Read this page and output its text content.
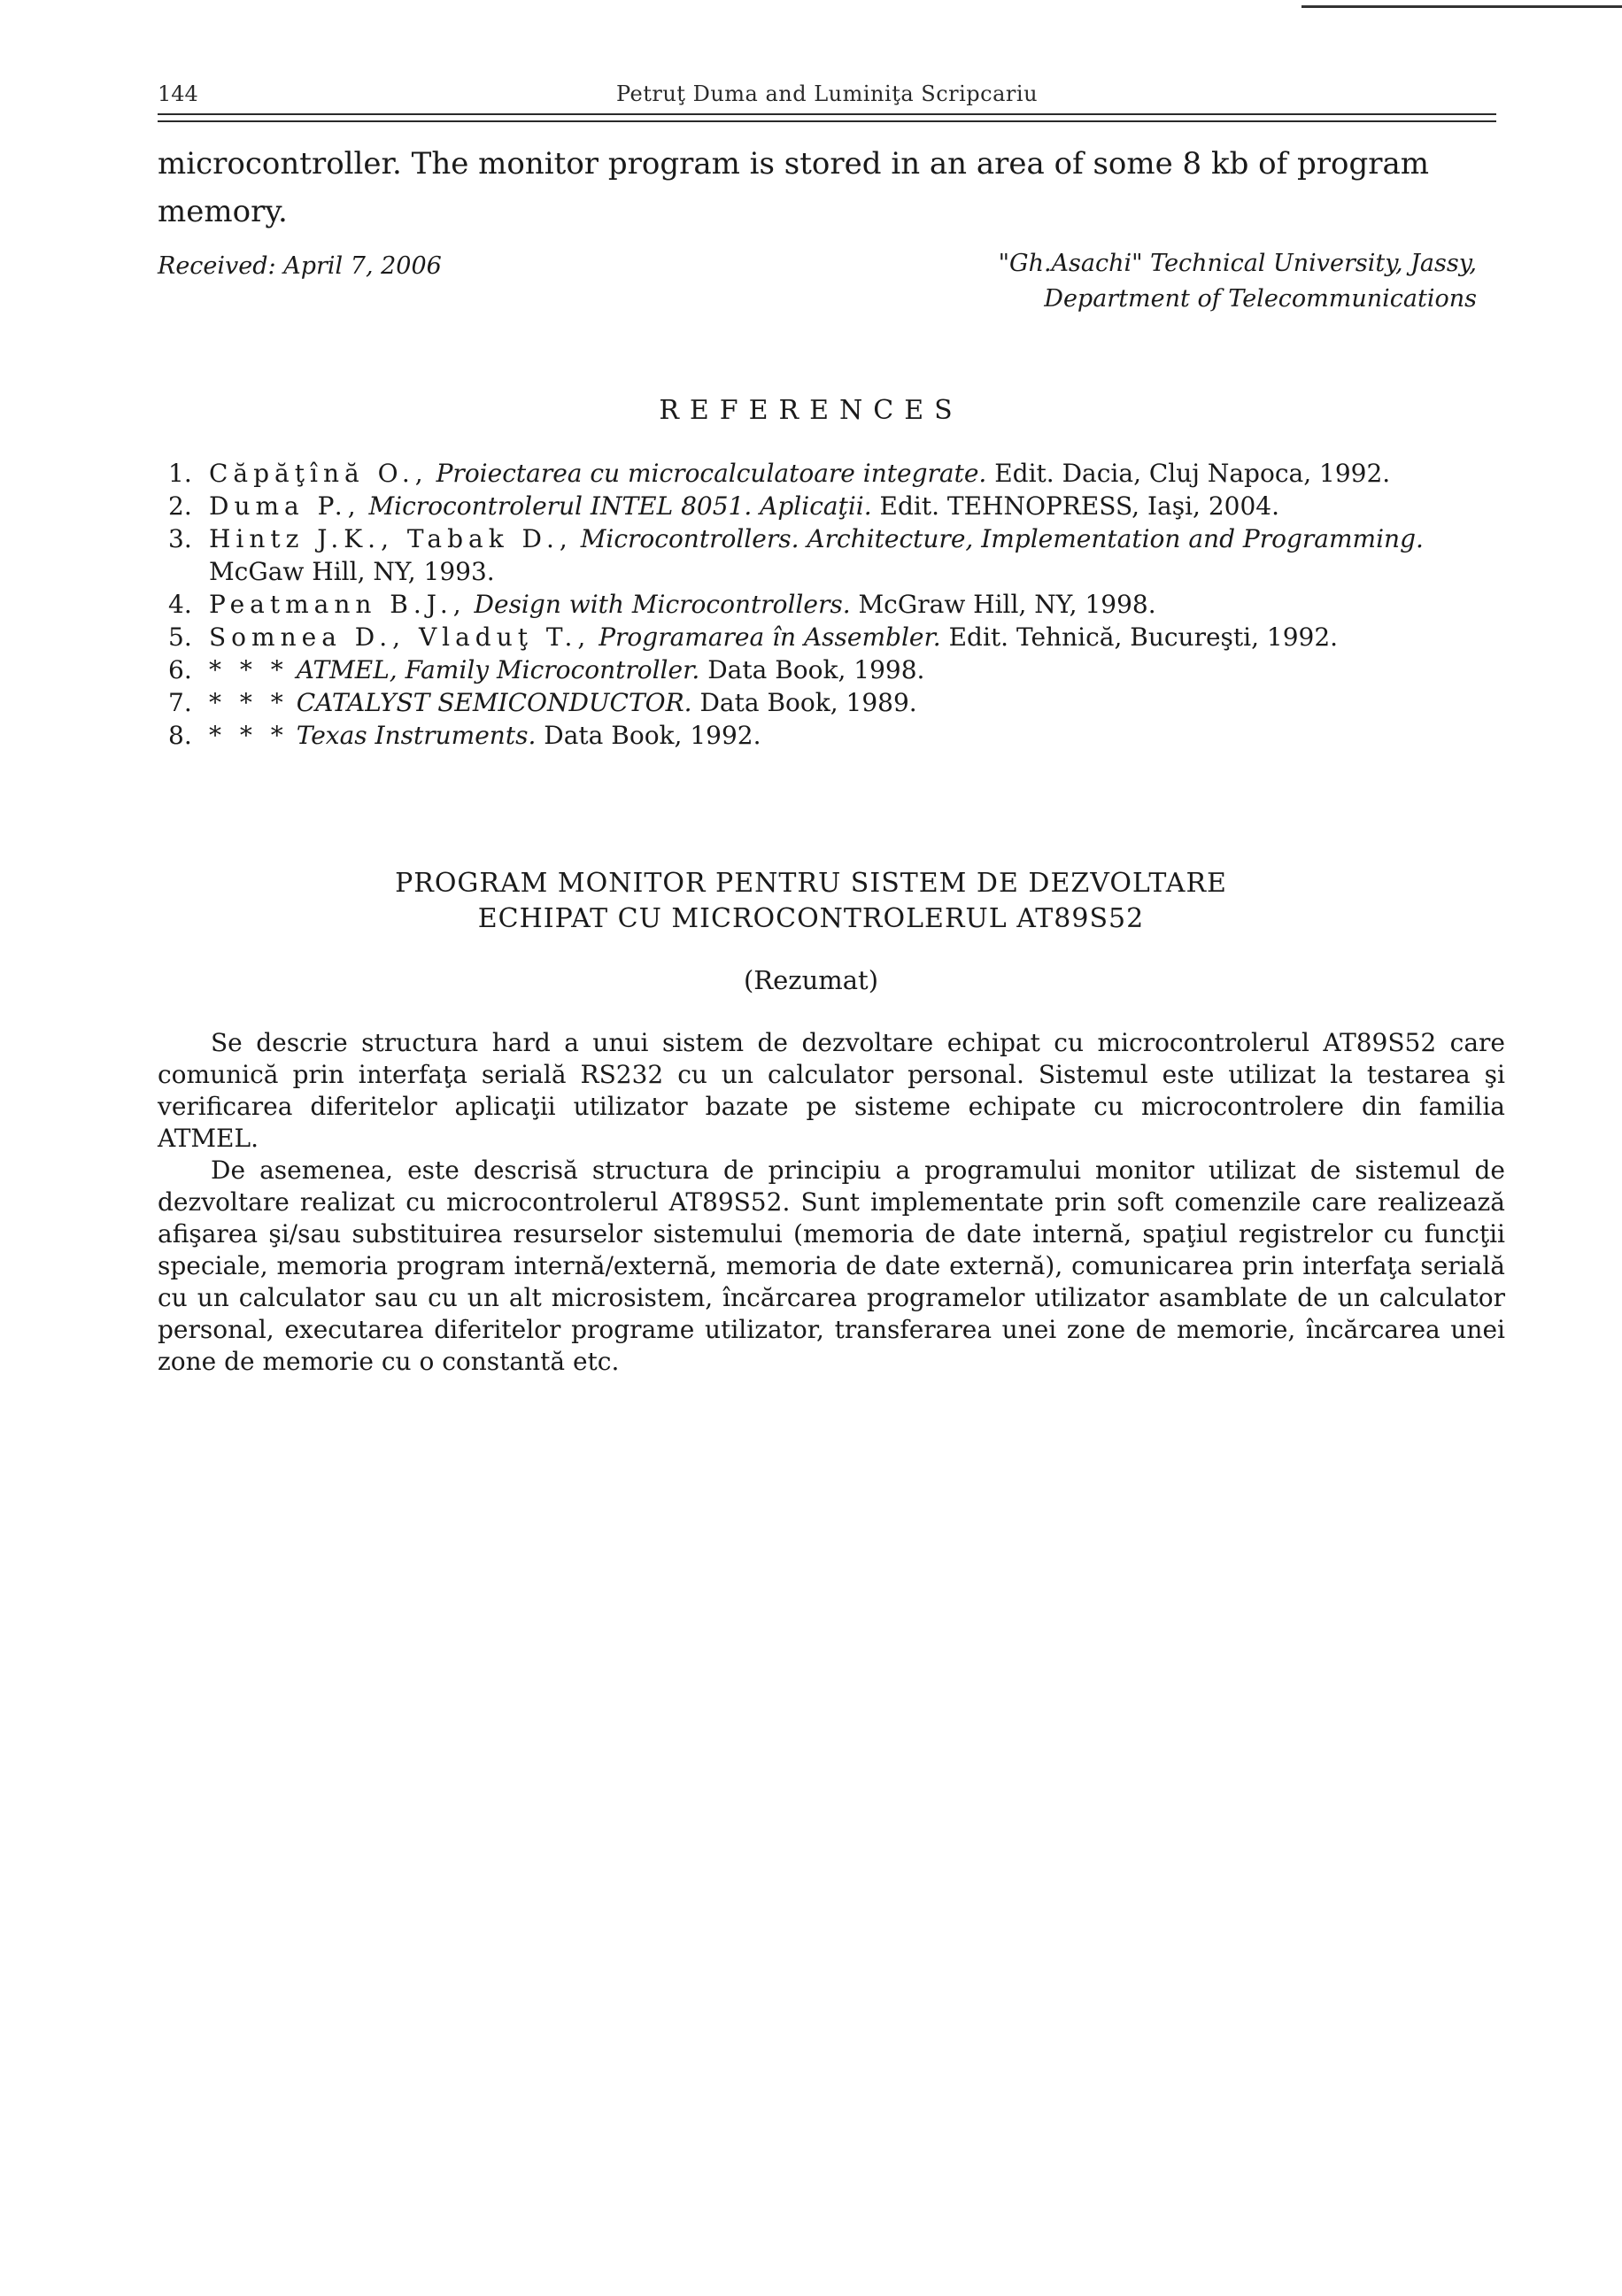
144	Petruţ Duma and Luminiţa Scripcariu

microcontroller. The monitor program is stored in an area of some 8 kb of program memory.

Received: April 7, 2006	"Gh.Asachi" Technical University, Jassy,
Department of Telecommunications
REFERENCES
1. Căpăţînă O., Proiectarea cu microcalculatoare integrate. Edit. Dacia, Cluj Napoca, 1992.
2. Duma P., Microcontrolerul INTEL 8051. Aplicaţii. Edit. TEHNOPRESS, Iaşi, 2004.
3. Hintz J.K., Tabak D., Microcontrollers. Architecture, Implementation and Programming.
McGaw Hill, NY, 1993.
4. Peatmann B.J., Design with Microcontrollers. McGraw Hill, NY, 1998.
5. Somnea D., Vladuţ T., Programarea în Assembler. Edit. Tehnică, Bucureşti, 1992.
6. * * * ATMEL, Family Microcontroller. Data Book, 1998.
7. * * * CATALYST SEMICONDUCTOR. Data Book, 1989.
8. * * * Texas Instruments. Data Book, 1992.
PROGRAM MONITOR PENTRU SISTEM DE DEZVOLTARE
ECHIPAT CU MICROCONTROLERUL AT89S52
(Rezumat)

Se descrie structura hard a unui sistem de dezvoltare echipat cu microcontrolerul AT89S52 care comunică prin interfaţa serială RS232 cu un calculator personal. Sistemul este utilizat la testarea şi verificarea diferitelor aplicaţii utilizator bazate pe sisteme echipate cu microcontrolere din familia ATMEL.

De asemenea, este descrisă structura de principiu a programului monitor utilizat de sistemul de dezvoltare realizat cu microcontrolerul AT89S52. Sunt implementate prin soft comenzile care realizează afişarea şi/sau substituirea resurselor sistemului (memoria de date internă, spaţiul registrelor cu funcţii speciale, memoria program internă/externă, memoria de date externă), comunicarea prin interfaţa serială cu un calculator sau cu un alt microsistem, încărcarea programelor utilizator asamblate de un calculator personal, executarea diferitelor programe utilizator, transferarea unei zone de memorie, încărcarea unei zone de memorie cu o constantă etc.
